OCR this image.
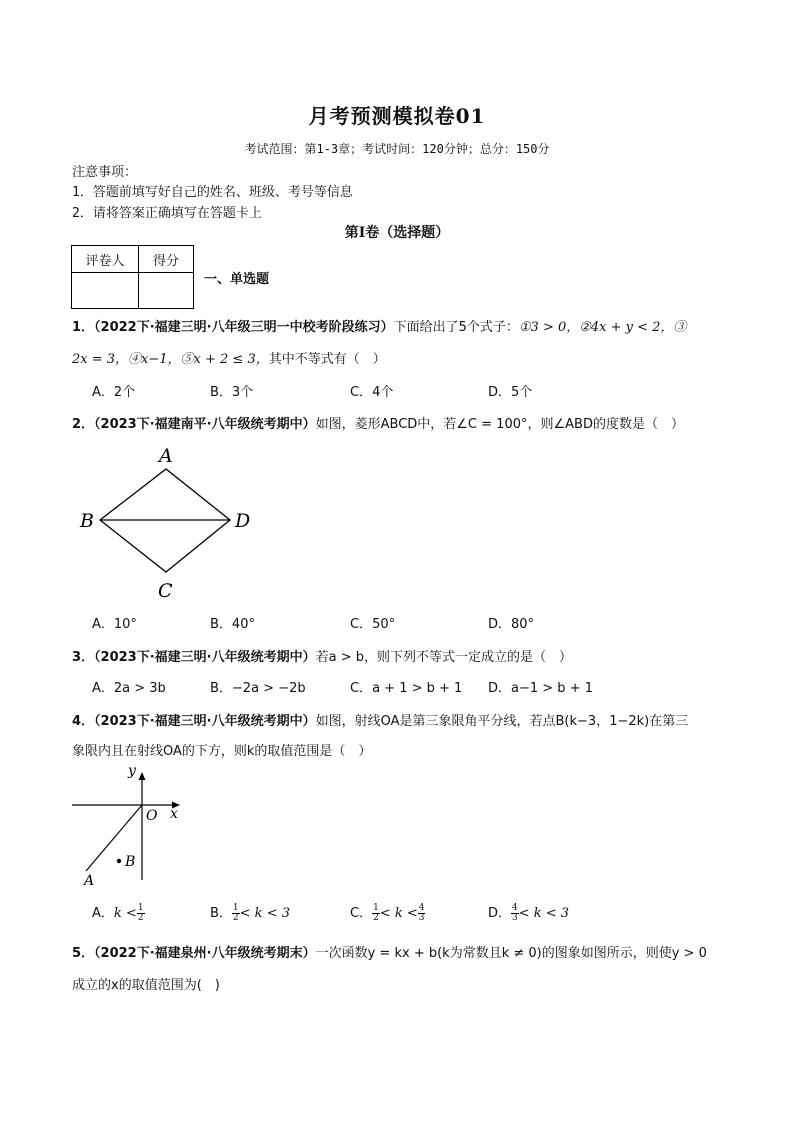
月考预测模拟卷01
考试范围：第1-3章；考试时间：120分钟；总分：150分
注意事项：
1．答题前填写好自己的姓名、班级、考号等信息
2．请将答案正确填写在答题卡上
第I卷（选择题）
评卷人	得分

一、单选题
1．（2022下·福建三明·八年级三明一中校考阶段练习）下面给出了5个式子：①3 > 0，②4x + y < 2，③
2x = 3，④x−1，⑤x + 2 ≤ 3，其中不等式有（　）
A．2个	B．3个	C．4个	D．5个
2．（2023下·福建南平·八年级统考期中）如图，菱形ABCD中，若∠C = 100°，则∠ABD的度数是（　）
A
B	D
C
A．10°	B．40°	C．50°	D．80°
3．（2023下·福建三明·八年级统考期中）若a > b，则下列不等式一定成立的是（　）
A．2a > 3b	B．−2a > −2b	C．a + 1 > b + 1 D．a−1 > b + 1
4．（2023下·福建三明·八年级统考期中）如图，射线OA是第三象限角平分线，若点B(k−3，1−2k)在第三
象限内且在射线OA的下方，则k的取值范围是（　）
y
x
O
B
A
A．$k < \frac{1}{2}$	B． $\frac{1}{2} < k < 3$	C． $\frac{1}{2} < k < \frac{4}{3}$	D． $\frac{4}{3} < k < 3$
5．（2022下·福建泉州·八年级统考期末）一次函数y = kx + b(k为常数且k ≠ 0)的图象如图所示，则使y > 0
成立的x的取值范围为(　)
